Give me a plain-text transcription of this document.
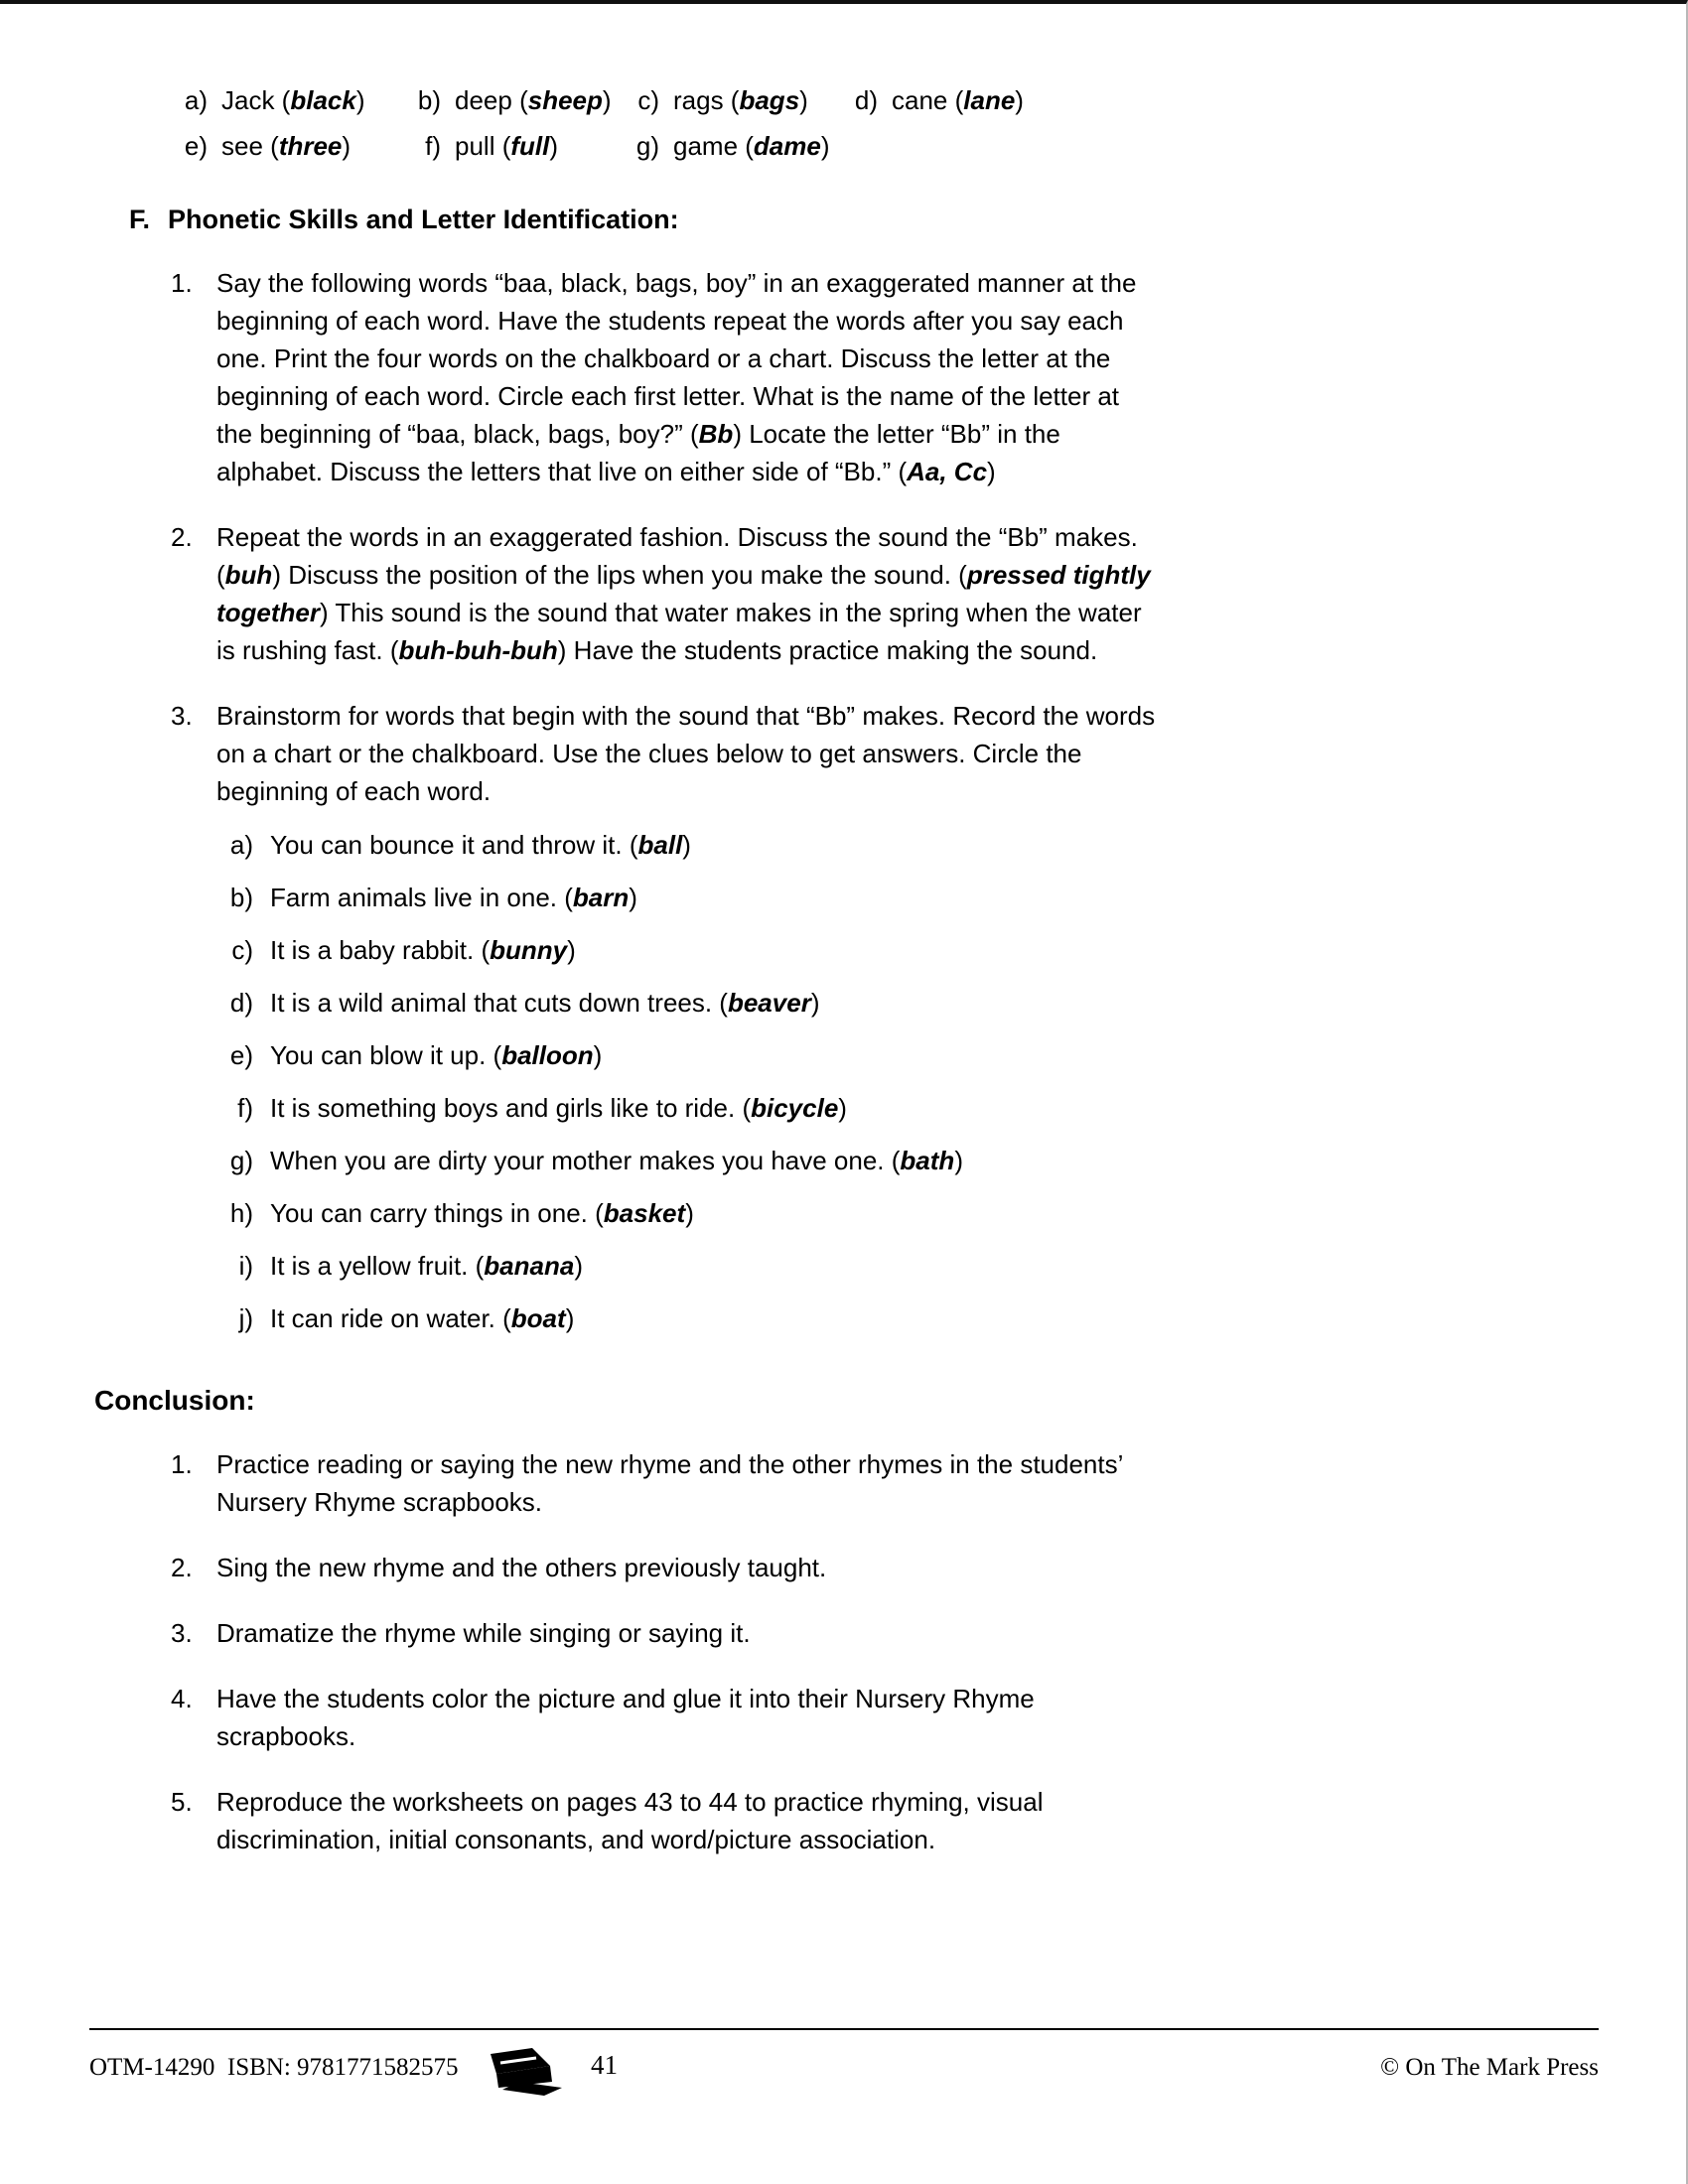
a) Jack (black)	b) deep (sheep)	c) rags (bags)	d) cane (lane)
e) see (three)	f) pull (full)	g) game (dame)
F. Phonetic Skills and Letter Identification:
1. Say the following words “baa, black, bags, boy” in an exaggerated manner at the beginning of each word. Have the students repeat the words after you say each one. Print the four words on the chalkboard or a chart. Discuss the letter at the beginning of each word. Circle each first letter. What is the name of the letter at the beginning of “baa, black, bags, boy?” (Bb) Locate the letter “Bb” in the alphabet. Discuss the letters that live on either side of “Bb.” (Aa, Cc)
2. Repeat the words in an exaggerated fashion. Discuss the sound the “Bb” makes. (buh) Discuss the position of the lips when you make the sound. (pressed tightly together) This sound is the sound that water makes in the spring when the water is rushing fast. (buh-buh-buh) Have the students practice making the sound.
3. Brainstorm for words that begin with the sound that “Bb” makes. Record the words on a chart or the chalkboard. Use the clues below to get answers. Circle the beginning of each word.
a) You can bounce it and throw it. (ball)
b) Farm animals live in one. (barn)
c) It is a baby rabbit. (bunny)
d) It is a wild animal that cuts down trees. (beaver)
e) You can blow it up. (balloon)
f) It is something boys and girls like to ride. (bicycle)
g) When you are dirty your mother makes you have one. (bath)
h) You can carry things in one. (basket)
i) It is a yellow fruit. (banana)
j) It can ride on water. (boat)
Conclusion:
1. Practice reading or saying the new rhyme and the other rhymes in the students’ Nursery Rhyme scrapbooks.
2. Sing the new rhyme and the others previously taught.
3. Dramatize the rhyme while singing or saying it.
4. Have the students color the picture and glue it into their Nursery Rhyme scrapbooks.
5. Reproduce the worksheets on pages 43 to 44 to practice rhyming, visual discrimination, initial consonants, and word/picture association.
OTM-14290  ISBN: 9781771582575	41	© On The Mark Press
